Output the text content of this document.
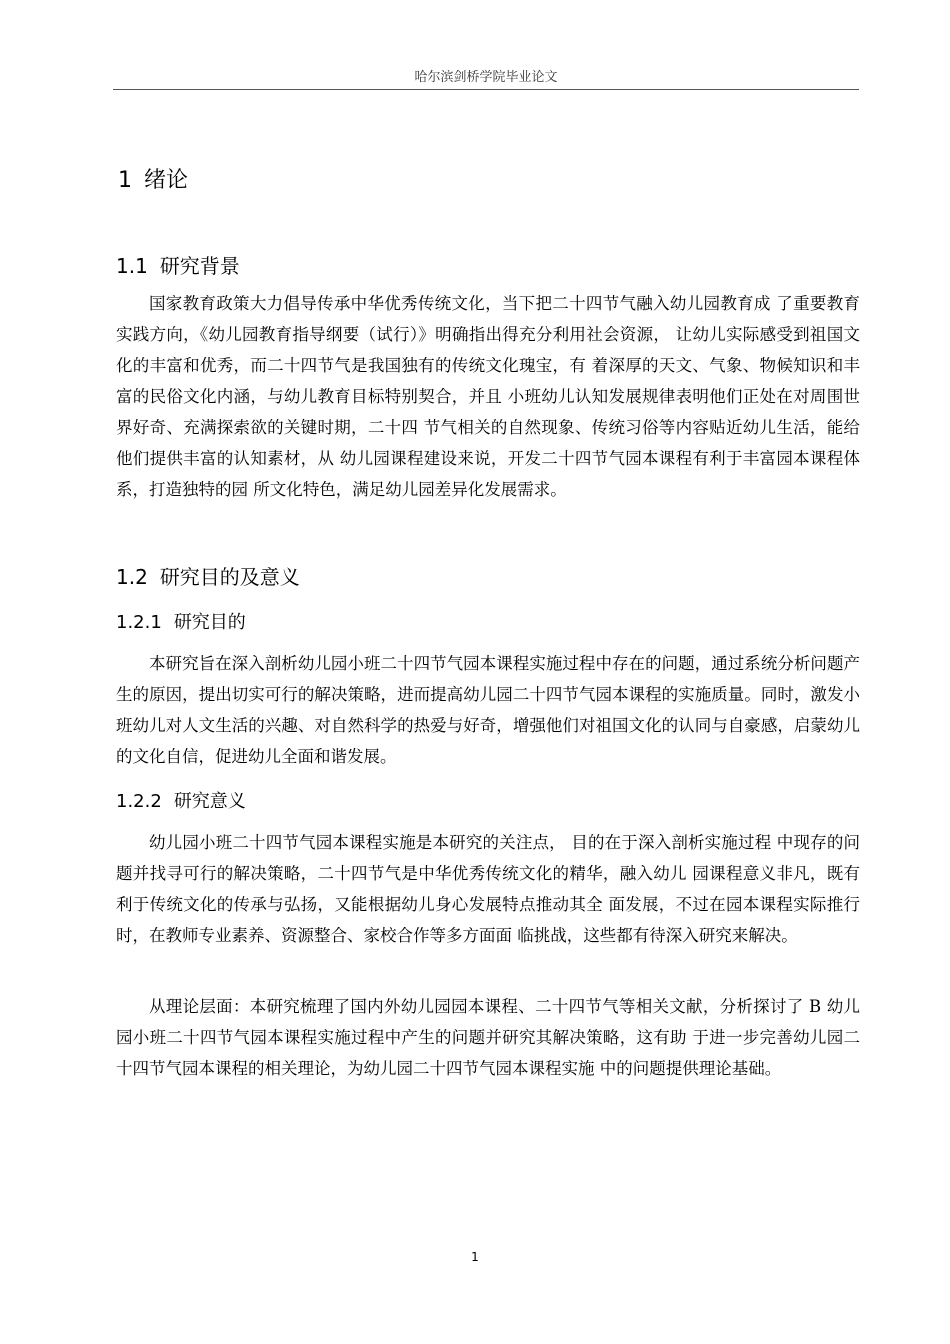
哈尔滨剑桥学院毕业论文
1 绪论
1.1 研究背景

国家教育政策大力倡导传承中华优秀传统文化，当下把二十四节气融入幼儿园教育成 了重要教育实践方向，《幼儿园教育指导纲要（试行）》明确指出得充分利用社会资源， 让幼儿实际感受到祖国文化的丰富和优秀，而二十四节气是我国独有的传统文化瑰宝，有 着深厚的天文、气象、物候知识和丰富的民俗文化内涵，与幼儿教育目标特别契合，并且 小班幼儿认知发展规律表明他们正处在对周围世界好奇、充满探索欲的关键时期，二十四 节气相关的自然现象、传统习俗等内容贴近幼儿生活，能给他们提供丰富的认知素材，从 幼儿园课程建设来说，开发二十四节气园本课程有利于丰富园本课程体系，打造独特的园 所文化特色，满足幼儿园差异化发展需求。

1.2 研究目的及意义
1.2.1 研究目的

本研究旨在深入剖析幼儿园小班二十四节气园本课程实施过程中存在的问题，通过系统分析问题产生的原因，提出切实可行的解决策略，进而提高幼儿园二十四节气园本课程的实施质量。同时，激发小班幼儿对人文生活的兴趣、对自然科学的热爱与好奇，增强他们对祖国文化的认同与自豪感，启蒙幼儿的文化自信，促进幼儿全面和谐发展。

1.2.2 研究意义

幼儿园小班二十四节气园本课程实施是本研究的关注点， 目的在于深入剖析实施过程 中现存的问题并找寻可行的解决策略，二十四节气是中华优秀传统文化的精华，融入幼儿 园课程意义非凡，既有利于传统文化的传承与弘扬，又能根据幼儿身心发展特点推动其全 面发展，不过在园本课程实际推行时，在教师专业素养、资源整合、家校合作等多方面面 临挑战，这些都有待深入研究来解决。

从理论层面：本研究梳理了国内外幼儿园园本课程、二十四节气等相关文献，分析探讨了 B 幼儿园小班二十四节气园本课程实施过程中产生的问题并研究其解决策略，这有助 于进一步完善幼儿园二十四节气园本课程的相关理论，为幼儿园二十四节气园本课程实施 中的问题提供理论基础。

1
